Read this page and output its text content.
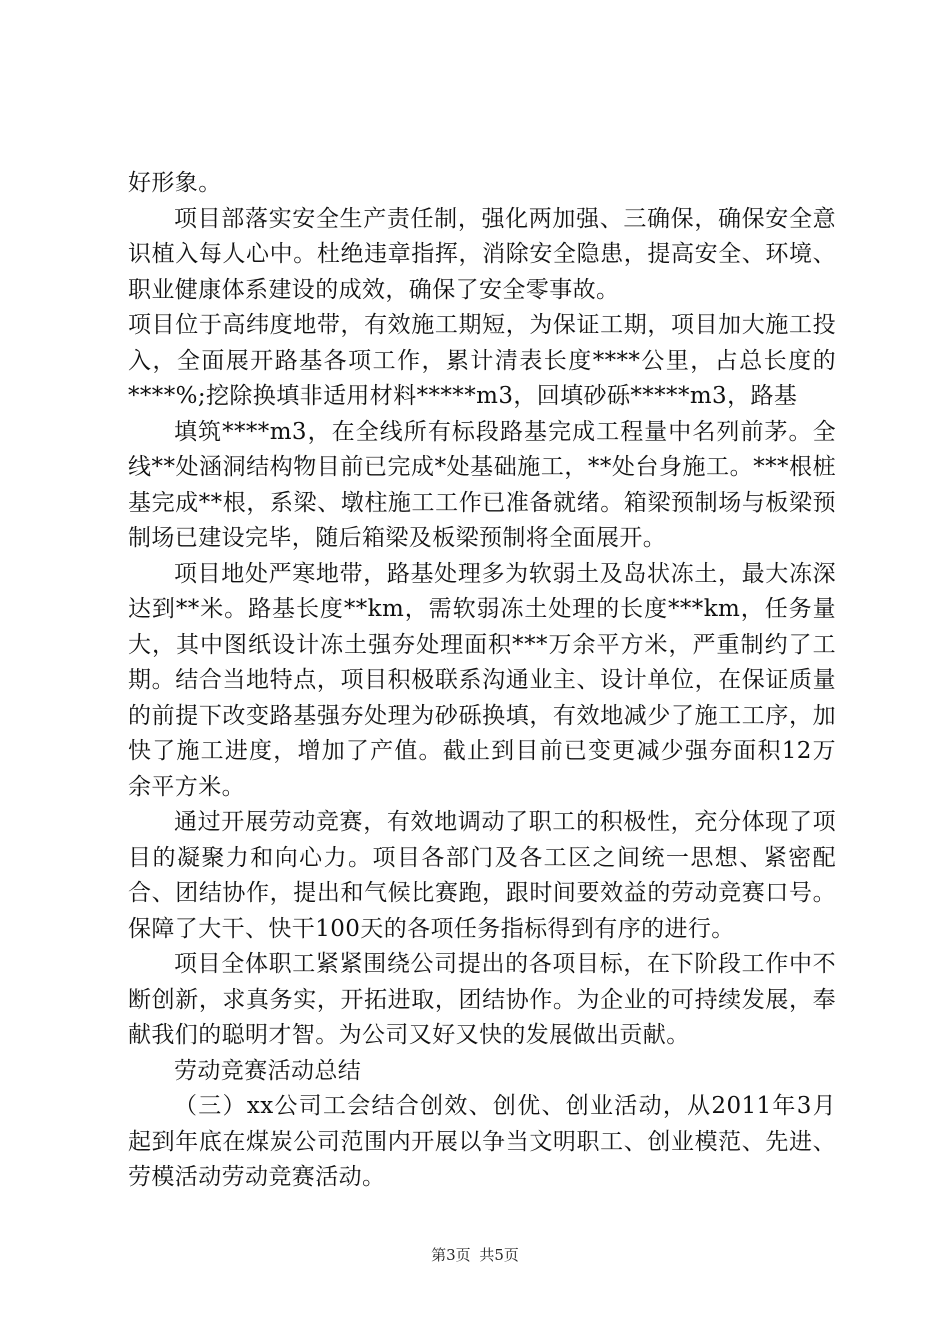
好形象。

项目部落实安全生产责任制，强化两加强、三确保，确保安全意识植入每人心中。杜绝违章指挥，消除安全隐患，提高安全、环境、职业健康体系建设的成效，确保了安全零事故。

项目位于高纬度地带，有效施工期短，为保证工期，项目加大施工投入，全面展开路基各项工作，累计清表长度****公里，占总长度的****%;挖除换填非适用材料*****m3，回填砂砾*****m3，路基

填筑****m3，在全线所有标段路基完成工程量中名列前茅。全线**处涵洞结构物目前已完成*处基础施工，**处台身施工。***根桩基完成**根，系梁、墩柱施工工作已准备就绪。箱梁预制场与板梁预制场已建设完毕，随后箱梁及板梁预制将全面展开。

项目地处严寒地带，路基处理多为软弱土及岛状冻土，最大冻深达到**米。路基长度**km，需软弱冻土处理的长度***km，任务量大，其中图纸设计冻土强夯处理面积***万余平方米，严重制约了工期。结合当地特点，项目积极联系沟通业主、设计单位，在保证质量的前提下改变路基强夯处理为砂砾换填，有效地减少了施工工序，加快了施工进度，增加了产值。截止到目前已变更减少强夯面积12万余平方米。

通过开展劳动竞赛，有效地调动了职工的积极性，充分体现了项目的凝聚力和向心力。项目各部门及各工区之间统一思想、紧密配合、团结协作，提出和气候比赛跑，跟时间要效益的劳动竞赛口号。保障了大干、快干100天的各项任务指标得到有序的进行。

项目全体职工紧紧围绕公司提出的各项目标，在下阶段工作中不断创新，求真务实，开拓进取，团结协作。为企业的可持续发展，奉献我们的聪明才智。为公司又好又快的发展做出贡献。

劳动竞赛活动总结

（三）xx公司工会结合创效、创优、创业活动，从2011年3月起到年底在煤炭公司范围内开展以争当文明职工、创业模范、先进、劳模活动劳动竞赛活动。

第3页 共5页
